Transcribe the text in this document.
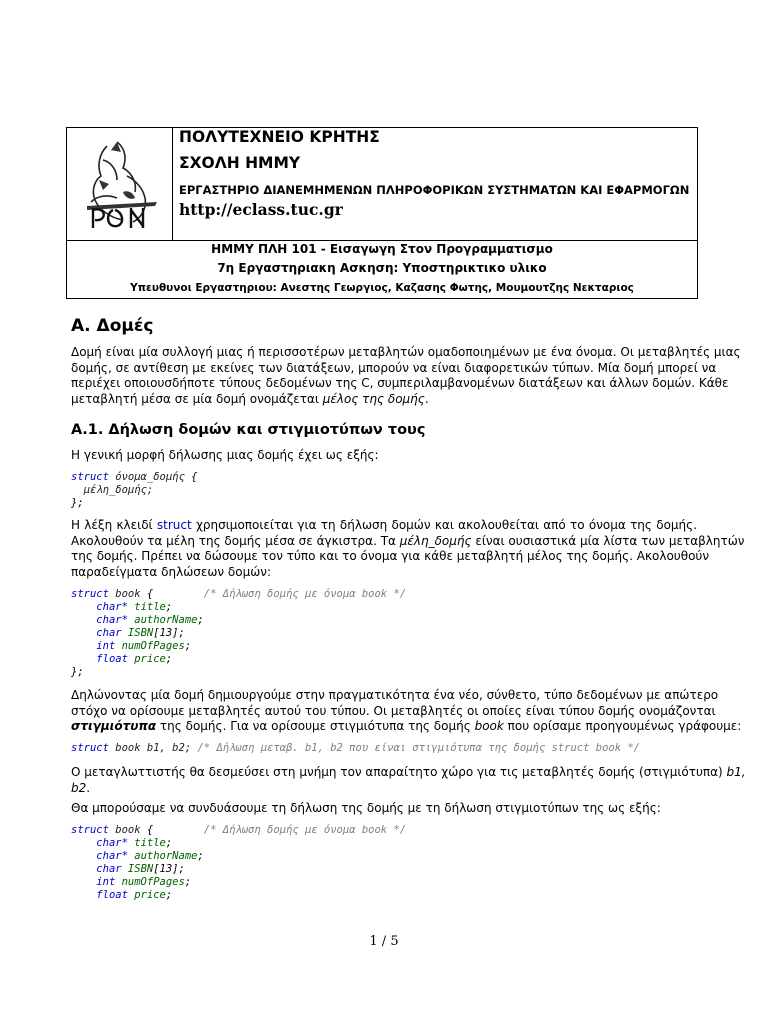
ΠΟΛΥΤΕΧΝΕΙΟ ΚΡΗΤΗΣ
ΣΧΟΛΗ ΗΜΜΥ
ΕΡΓΑΣΤΗΡΙΟ ΔΙΑΝΕΜΗΜΕΝΩΝ ΠΛΗΡΟΦΟΡΙΚΩΝ ΣΥΣΤΗΜΑΤΩΝ ΚΑΙ ΕΦΑΡΜΟΓΩΝ
http://eclass.tuc.gr
ΗΜΜΥ ΠΛΗ 101 - Εισαγωγη Στον Προγραμματισμο
7η Εργαστηριακη Ασκηση: Υποστηρικτικο υλικο
Υπευθυνοι Εργαστηριου: Ανεστης Γεωργιος, Καζασης Φωτης, Μουμουτζης Νεκταριος
Α. Δομές
Δομή είναι μία συλλογή μιας ή περισσοτέρων μεταβλητών ομαδοποιημένων με ένα όνομα. Οι μεταβλητές μιας
δομής, σε αντίθεση με εκείνες των διατάξεων, μπορούν να είναι διαφορετικών τύπων. Μία δομή μπορεί να
περιέχει οποιουσδήποτε τύπους δεδομένων της C, συμπεριλαμβανομένων διατάξεων και άλλων δομών. Κάθε
μεταβλητή μέσα σε μία δομή ονομάζεται μέλος της δομής.
Α.1. Δήλωση δομών και στιγμιοτύπων τους
Η γενική μορφή δήλωσης μιας δομής έχει ως εξής:
struct όνομα_δομής {
μέλη_δομής;
};
Η λέξη κλειδί struct χρησιμοποιείται για τη δήλωση δομών και ακολουθείται από το όνομα της δομής.
Ακολουθούν τα μέλη της δομής μέσα σε άγκιστρα. Τα μέλη_δομής είναι ουσιαστικά μία λίστα των μεταβλητών
της δομής. Πρέπει να δώσουμε τον τύπο και το όνομα για κάθε μεταβλητή μέλος της δομής. Ακολουθούν
παραδείγματα δηλώσεων δομών:
struct book {	/* Δήλωση δομής με όνομα book */
char* title;
char* authorName;
char ISBN[13];
int numOfPages;
float price;
};
Δηλώνοντας μία δομή δημιουργούμε στην πραγματικότητα ένα νέο, σύνθετο, τύπο δεδομένων με απώτερο
στόχο να ορίσουμε μεταβλητές αυτού του τύπου. Οι μεταβλητές οι οποίες είναι τύπου δομής ονομάζονται
στιγμιότυπα της δομής. Για να ορίσουμε στιγμιότυπα της δομής book που ορίσαμε προηγουμένως γράφουμε:
struct book b1, b2; /* Δήλωση μεταβ. b1, b2 που είναι στιγμιότυπα της δομής struct book */
Ο μεταγλωττιστής θα δεσμεύσει στη μνήμη τον απαραίτητο χώρο για τις μεταβλητές δομής (στιγμιότυπα) b1,
b2.
Θα μπορούσαμε να συνδυάσουμε τη δήλωση της δομής με τη δήλωση στιγμιοτύπων της ως εξής:
struct book {	/* Δήλωση δομής με όνομα book */
char* title;
char* authorName;
char ISBN[13];
int numOfPages;
float price;
1 / 5
